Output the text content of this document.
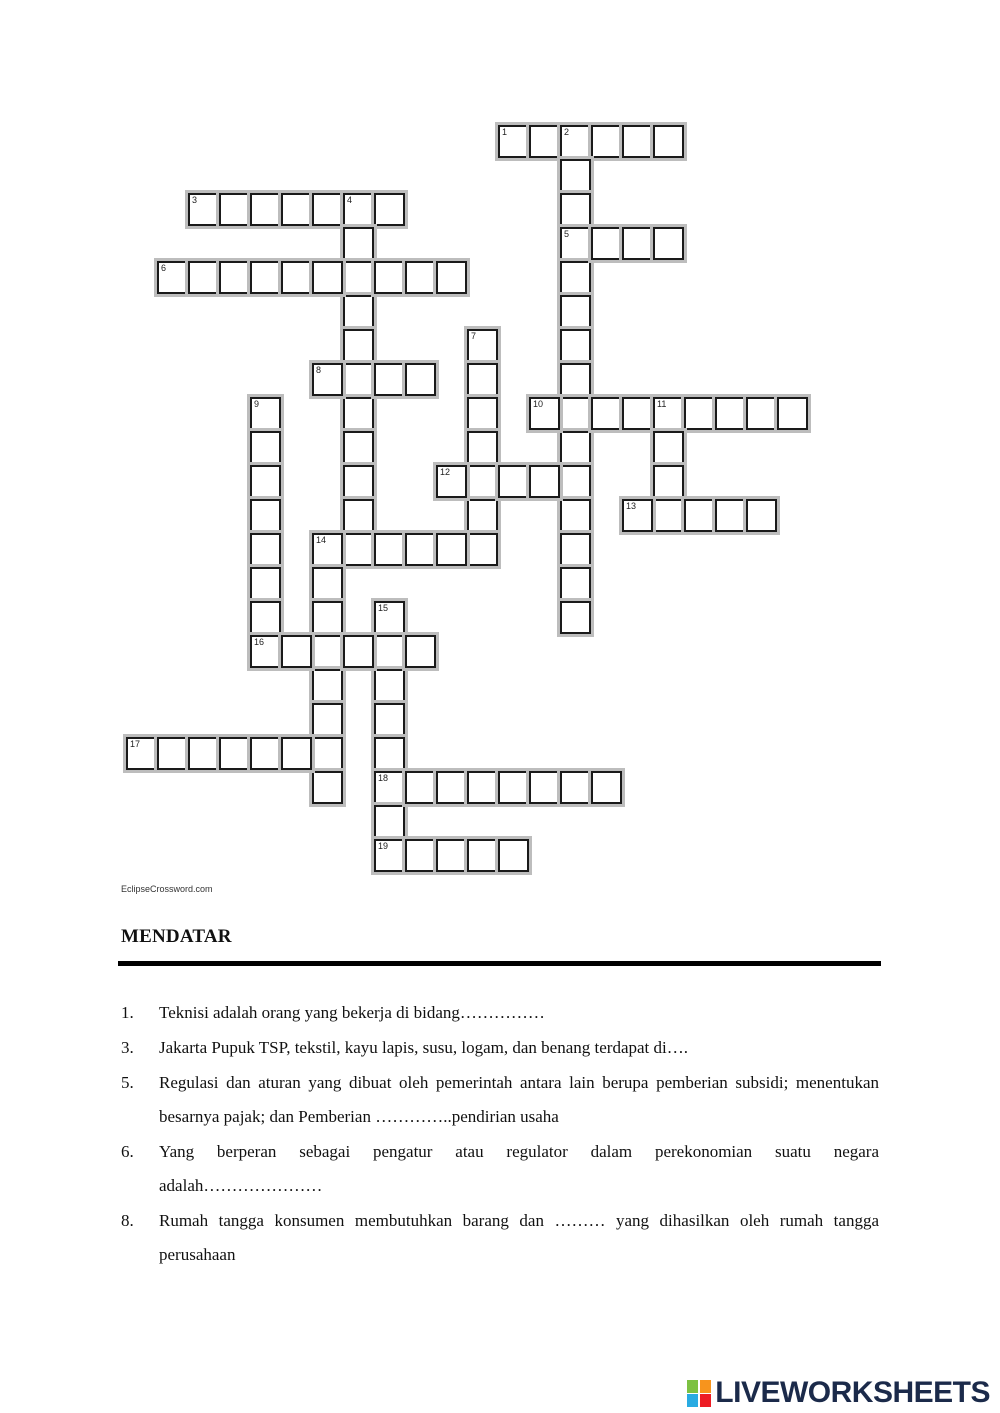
1	2
5
3	4
6
7
8
9	10	11
12
13
14
15
18
19
16
17
EclipseCrossword.com
MENDATAR
1.	Teknisi adalah orang yang bekerja di bidang……………
3.	Jakarta Pupuk TSP, tekstil, kayu lapis, susu, logam, dan benang terdapat di….
5.	Regulasi dan aturan yang dibuat oleh pemerintah antara lain berupa pemberian subsidi; menentukan besarnya pajak; dan Pemberian …………..pendirian usaha
6.	Yang berperan sebagai pengatur atau regulator dalam perekonomian suatu negara adalah…………………
8.	Rumah tangga konsumen membutuhkan barang dan ……… yang dihasilkan oleh rumah tangga perusahaan
LIVEWORKSHEETS
